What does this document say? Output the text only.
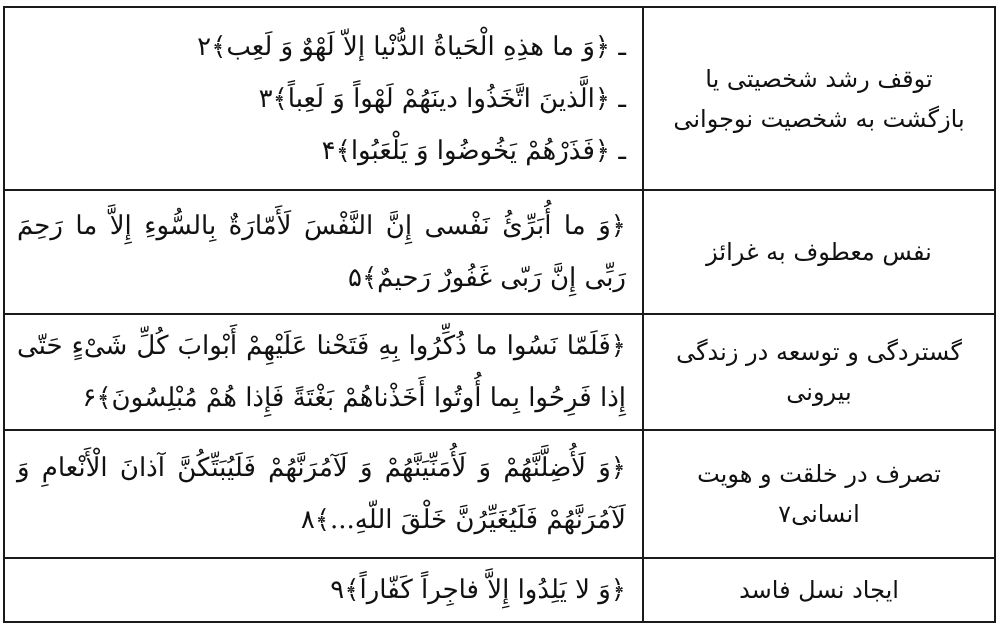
توقف رشد شخصیتی یا بازگشت به شخصیت نوجوانی	ـ ﴿وَ ما هذِهِ الْحَیاةُ الدُّنْیا إلاّ لَهْوٌ وَ لَعِب﴾۲
ـ ﴿الَّذینَ اتَّخَذُوا دینَهُمْ لَهْواً وَ لَعِباً﴾۳
ـ ﴿فَذَرْهُمْ یَخُوضُوا وَ یَلْعَبُوا﴾۴

نفس معطوف به غرائز	﴿وَ ما أُبَرِّئُ نَفْسی إِنَّ النَّفْسَ لَأَمّارَةٌ بِالسُّوءِ إِلاَّ ما رَحِمَ رَبِّی إِنَّ رَبّی غَفُورٌ رَحیمٌ﴾۵

گستردگی و توسعه در زندگی بیرونی	﴿فَلَمّا نَسُوا ما ذُكِّرُوا بِهِ فَتَحْنا عَلَیْهِمْ أَبْوابَ كُلِّ شَیْءٍ حَتّی إِذا فَرِحُوا بِما أُوتُوا أَخَذْناهُمْ بَغْتَةً فَإِذا هُمْ مُبْلِسُونَ﴾۶

تصرف در خلقت و هویت انسانی۷	﴿وَ لَأُضِلَّنَّهُمْ وَ لَأُمَنِّیَنَّهُمْ وَ لَآمُرَنَّهُمْ فَلَیُبَتِّكُنَّ آذانَ الْأَنْعامِ وَ لَآمُرَنَّهُمْ فَلَیُغَیِّرُنَّ خَلْقَ اللّهِ...﴾۸

ایجاد نسل فاسد	﴿وَ لا یَلِدُوا إِلاَّ فاجِراً كَفّاراً﴾۹
